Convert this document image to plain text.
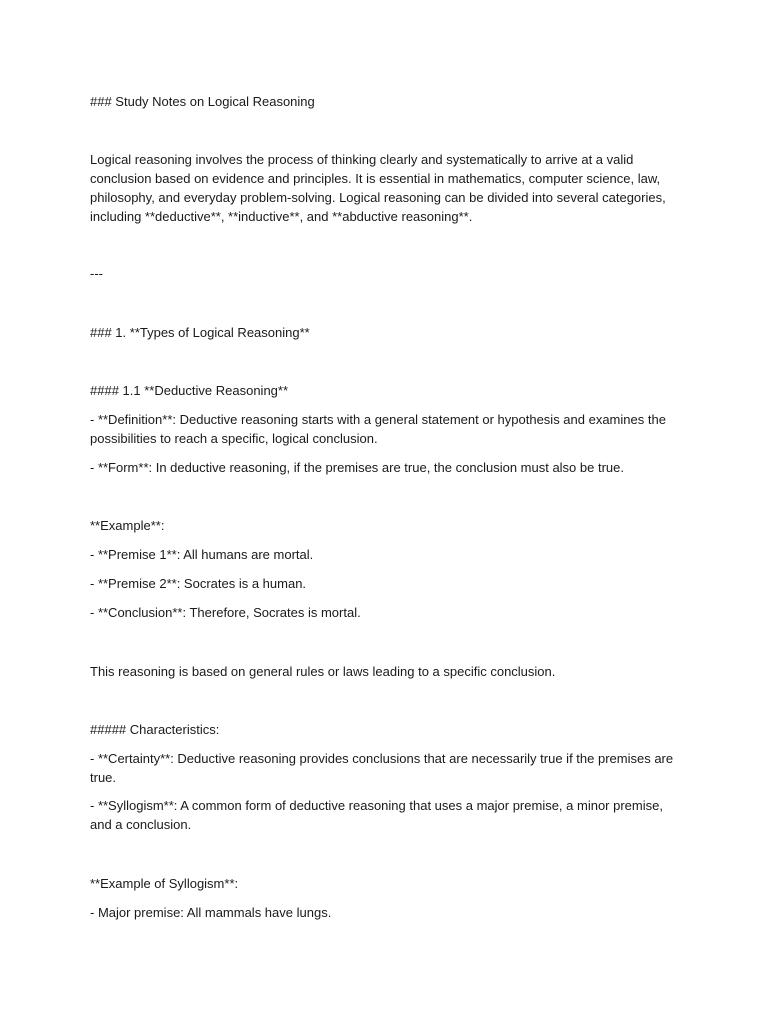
### Study Notes on Logical Reasoning
Logical reasoning involves the process of thinking clearly and systematically to arrive at a valid conclusion based on evidence and principles. It is essential in mathematics, computer science, law, philosophy, and everyday problem-solving. Logical reasoning can be divided into several categories, including **deductive**, **inductive**, and **abductive reasoning**.
---
### 1. **Types of Logical Reasoning**
#### 1.1 **Deductive Reasoning**
- **Definition**: Deductive reasoning starts with a general statement or hypothesis and examines the possibilities to reach a specific, logical conclusion.
- **Form**: In deductive reasoning, if the premises are true, the conclusion must also be true.
**Example**:
- **Premise 1**: All humans are mortal.
- **Premise 2**: Socrates is a human.
- **Conclusion**: Therefore, Socrates is mortal.
This reasoning is based on general rules or laws leading to a specific conclusion.
##### Characteristics:
- **Certainty**: Deductive reasoning provides conclusions that are necessarily true if the premises are true.
- **Syllogism**: A common form of deductive reasoning that uses a major premise, a minor premise, and a conclusion.
**Example of Syllogism**:
- Major premise: All mammals have lungs.
